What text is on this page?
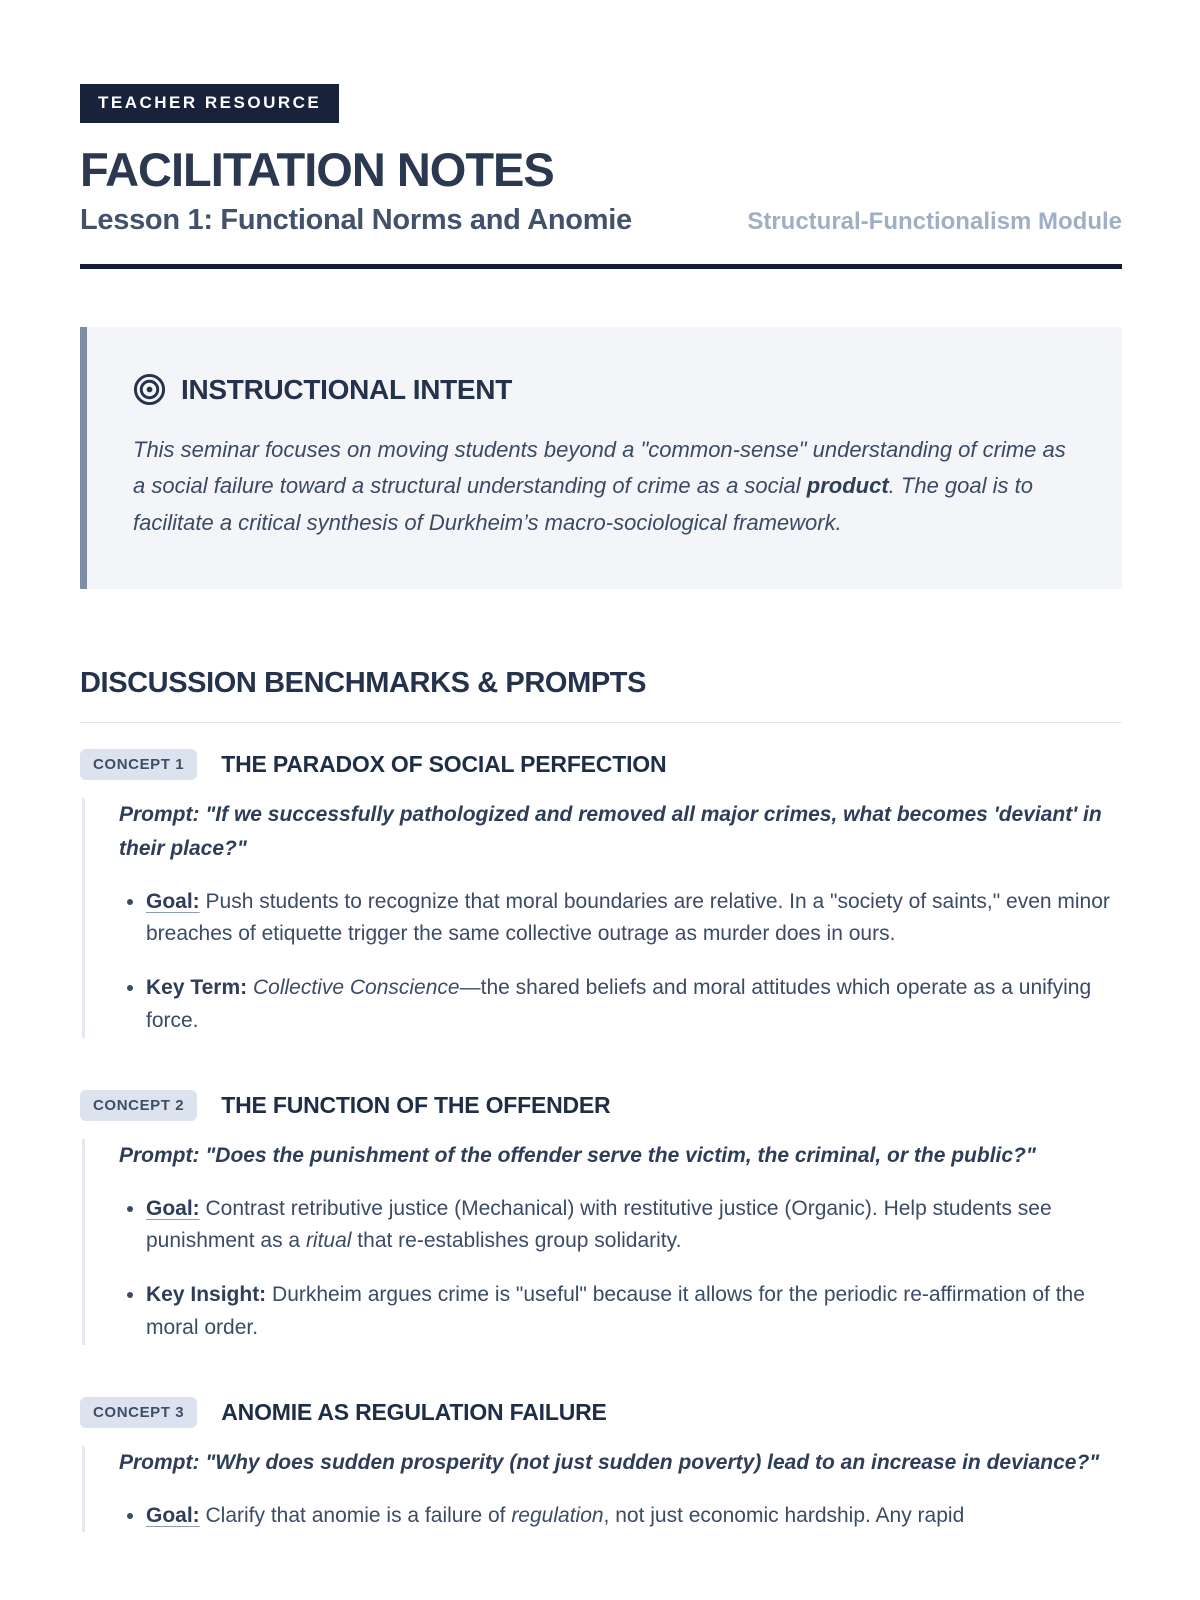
TEACHER RESOURCE
FACILITATION NOTES
Lesson 1: Functional Norms and Anomie	Structural-Functionalism Module
INSTRUCTIONAL INTENT

This seminar focuses on moving students beyond a "common-sense" understanding of crime as a social failure toward a structural understanding of crime as a social product. The goal is to facilitate a critical synthesis of Durkheim’s macro-sociological framework.

DISCUSSION BENCHMARKS & PROMPTS
CONCEPT 1	THE PARADOX OF SOCIAL PERFECTION

Prompt: "If we successfully pathologized and removed all major crimes, what becomes 'deviant' in their place?"

• Goal: Push students to recognize that moral boundaries are relative. In a "society of saints," even minor breaches of etiquette trigger the same collective outrage as murder does in ours.
• Key Term: Collective Conscience—the shared beliefs and moral attitudes which operate as a unifying force.
CONCEPT 2	THE FUNCTION OF THE OFFENDER

Prompt: "Does the punishment of the offender serve the victim, the criminal, or the public?"

• Goal: Contrast retributive justice (Mechanical) with restitutive justice (Organic). Help students see punishment as a ritual that re-establishes group solidarity.
• Key Insight: Durkheim argues crime is "useful" because it allows for the periodic re-affirmation of the moral order.
CONCEPT 3	ANOMIE AS REGULATION FAILURE

Prompt: "Why does sudden prosperity (not just sudden poverty) lead to an increase in deviance?"

• Goal: Clarify that anomie is a failure of regulation, not just economic hardship. Any rapid
